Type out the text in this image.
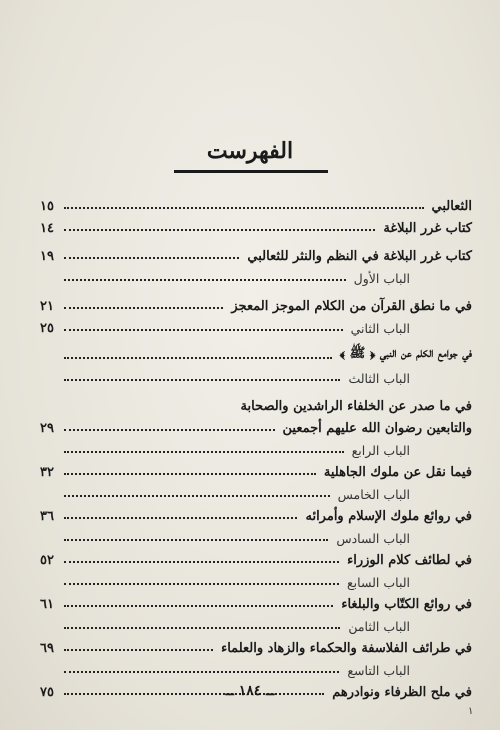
الفهرست
الثعالبي
١٥
كتاب غرر البلاغة
١٤
كتاب غرر البلاغة في النظم والنثر للثعالبي
١٩
الباب الأول
في ما نطق القرآن من الكلام الموجز المعجز
٢١
الباب الثاني
٢٥
في جوامع الكلم عن النبي ﴿ ﷺ ﴾
الباب الثالث
في ما صدر عن الخلفاء الراشدين والصحابة
والتابعين رضوان الله عليهم أجمعين
٢٩
الباب الرابع
فيما نقل عن ملوك الجاهلية
٣٢
الباب الخامس
في روائع ملوك الإسلام وأمرائه
٣٦
الباب السادس
في لطائف كلام الوزراء
٥٢
الباب السابع
في روائع الكتّاب والبلغاء
٦١
الباب الثامن
في طرائف الفلاسفة والحكماء والزهاد والعلماء
٦٩
الباب التاسع
في ملح الظرفاء ونوادرهم
٧٥	ــ ١٨٤ ــ
١
